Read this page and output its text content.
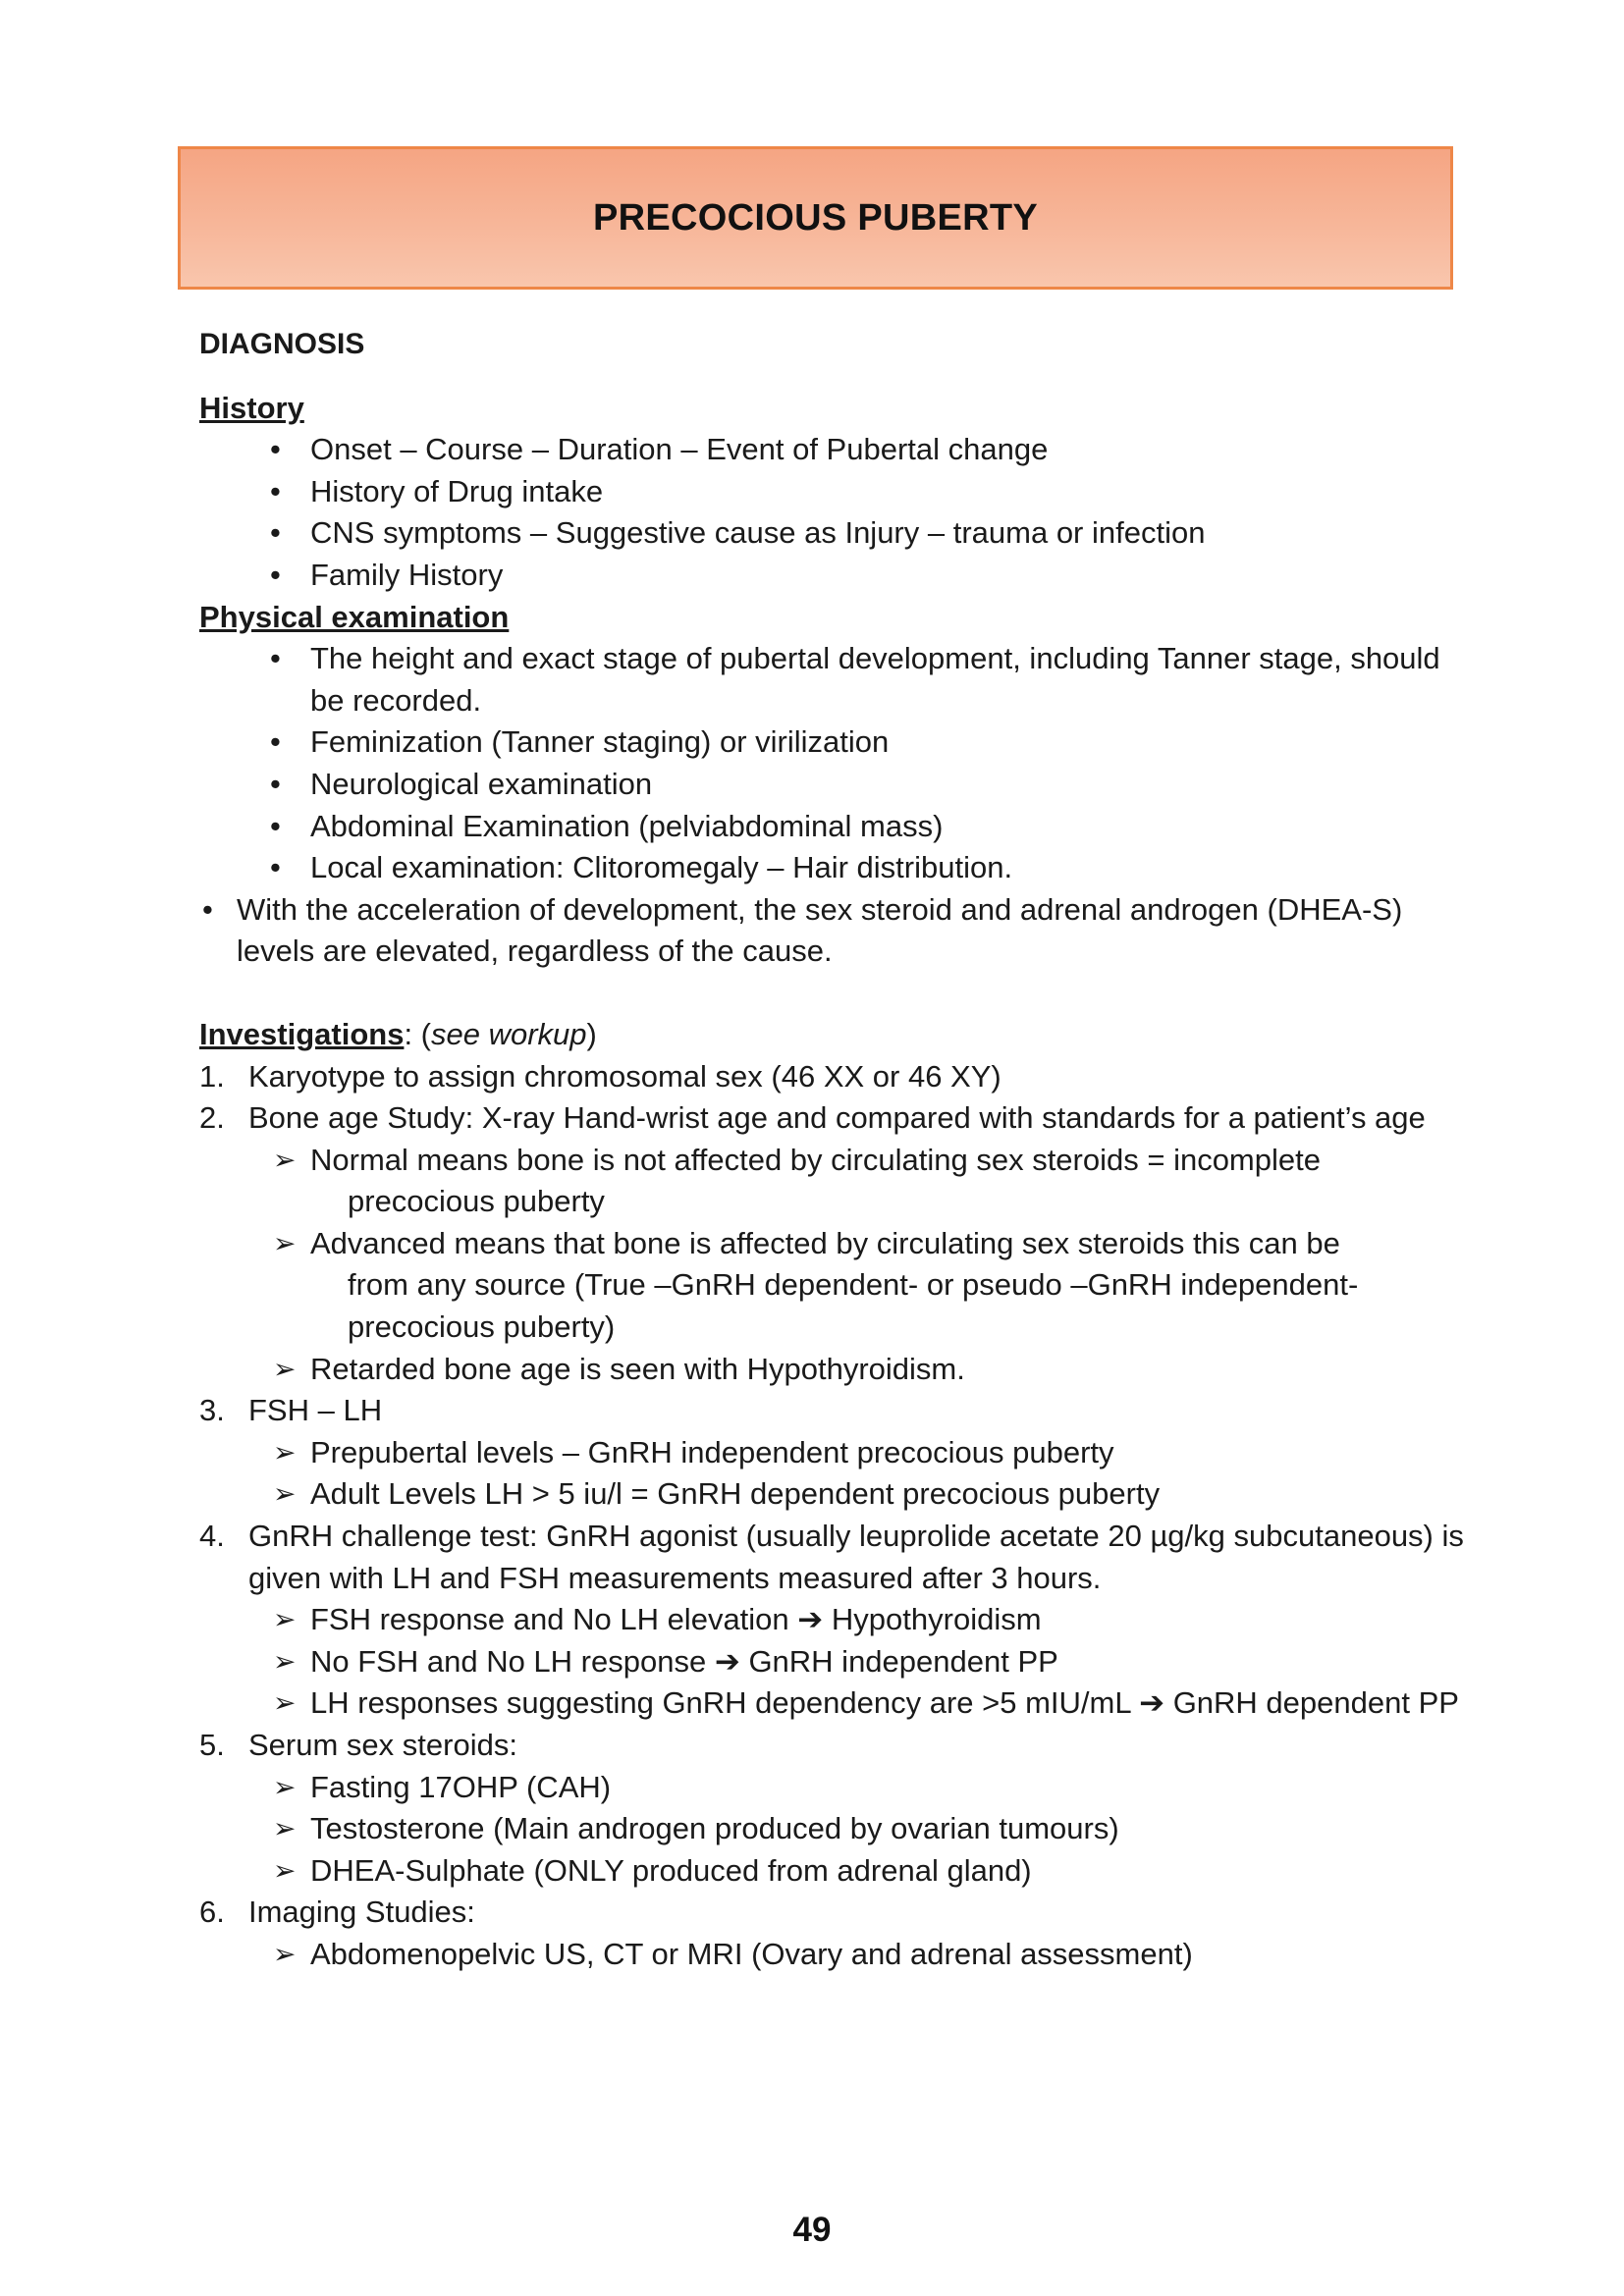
PRECOCIOUS PUBERTY
DIAGNOSIS
History
• Onset – Course – Duration – Event of Pubertal change
• History of Drug intake
• CNS symptoms – Suggestive cause as Injury – trauma or infection
• Family History
Physical examination
• The height and exact stage of pubertal development, including Tanner stage, should
be recorded.
• Feminization (Tanner staging) or virilization
• Neurological examination
• Abdominal Examination (pelviabdominal mass)
• Local examination: Clitoromegaly – Hair distribution.
• With the acceleration of development, the sex steroid and adrenal androgen (DHEA-S)
levels are elevated, regardless of the cause.
Investigations: (see workup)
1. Karyotype to assign chromosomal sex (46 XX or 46 XY)
2. Bone age Study: X-ray Hand-wrist age and compared with standards for a patient’s age
➢ Normal means bone is not affected by circulating sex steroids = incomplete
precocious puberty
➢ Advanced means that bone is affected by circulating sex steroids this can be
from any source (True –GnRH dependent- or pseudo –GnRH independent-
precocious puberty)
➢ Retarded bone age is seen with Hypothyroidism.
3. FSH – LH
➢ Prepubertal levels – GnRH independent precocious puberty
➢ Adult Levels LH > 5 iu/l = GnRH dependent precocious puberty
4. GnRH challenge test: GnRH agonist (usually leuprolide acetate 20 µg/kg subcutaneous) is
given with LH and FSH measurements measured after 3 hours.
➢ FSH response and No LH elevation ➔ Hypothyroidism
➢ No FSH and No LH response ➔ GnRH independent PP
➢ LH responses suggesting GnRH dependency are >5 mIU/mL ➔ GnRH dependent PP
5. Serum sex steroids:
➢ Fasting 17OHP (CAH)
➢ Testosterone (Main androgen produced by ovarian tumours)
➢ DHEA-Sulphate (ONLY produced from adrenal gland)
6. Imaging Studies:
➢ Abdomenopelvic US, CT or MRI (Ovary and adrenal assessment)
49
